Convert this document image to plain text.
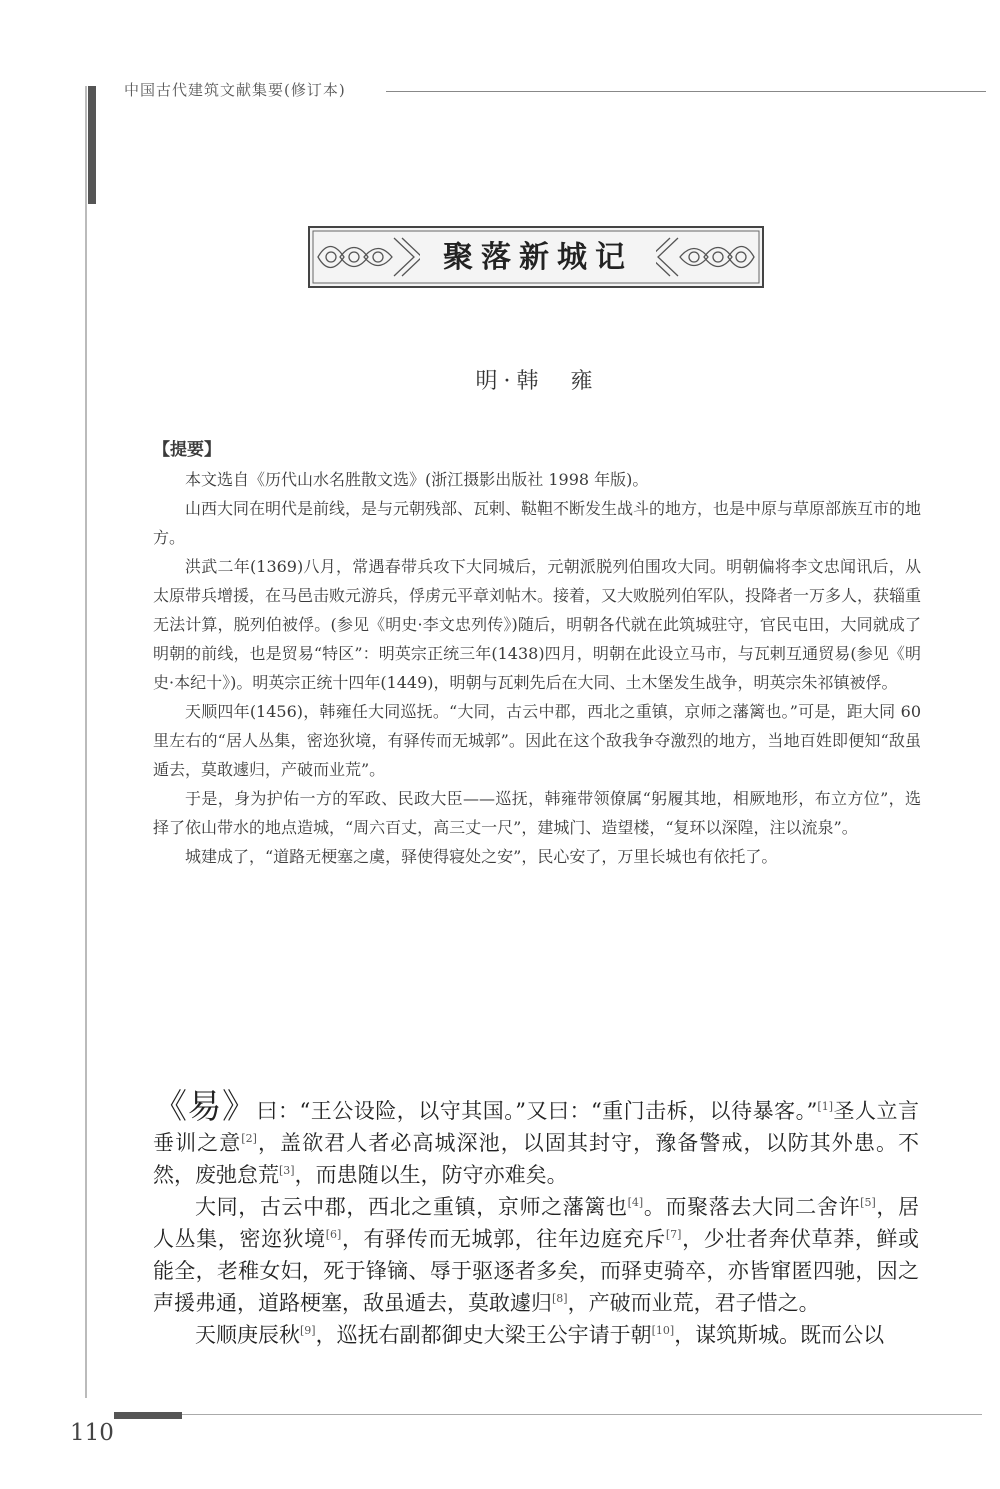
中国古代建筑文献集要(修订本)
聚落新城记
明·韩  雍
【提要】

本文选自《历代山水名胜散文选》(浙江摄影出版社 1998 年版)。

山西大同在明代是前线，是与元朝残部、瓦剌、鞑靼不断发生战斗的地方，也是中原与草原部族互市的地方。

洪武二年(1369)八月，常遇春带兵攻下大同城后，元朝派脱列伯围攻大同。明朝偏将李文忠闻讯后，从太原带兵增援，在马邑击败元游兵，俘虏元平章刘帖木。接着，又大败脱列伯军队，投降者一万多人，获辎重无法计算，脱列伯被俘。(参见《明史·李文忠列传》)随后，明朝各代就在此筑城驻守，官民屯田，大同就成了明朝的前线，也是贸易“特区”：明英宗正统三年(1438)四月，明朝在此设立马市，与瓦剌互通贸易(参见《明史·本纪十》)。明英宗正统十四年(1449)，明朝与瓦剌先后在大同、土木堡发生战争，明英宗朱祁镇被俘。

天顺四年(1456)，韩雍任大同巡抚。“大同，古云中郡，西北之重镇，京师之藩篱也。”可是，距大同 60 里左右的“居人丛集，密迩狄境，有驿传而无城郭”。因此在这个敌我争夺激烈的地方，当地百姓即便知“敌虽遁去，莫敢遽归，产破而业荒”。

于是，身为护佑一方的军政、民政大臣——巡抚，韩雍带领僚属“躬履其地，相厥地形，布立方位”，选择了依山带水的地点造城，“周六百丈，高三丈一尺”，建城门、造望楼，“复环以深隍，注以流泉”。

城建成了，“道路无梗塞之虞，驿使得寝处之安”，民心安了，万里长城也有依托了。

《易》曰：“王公设险，以守其国。”又曰：“重门击柝，以待暴客。”[1]圣人立言垂训之意[2]，盖欲君人者必高城深池，以固其封守，豫备警戒，以防其外患。不然，废弛怠荒[3]，而患随以生，防守亦难矣。

大同，古云中郡，西北之重镇，京师之藩篱也[4]。而聚落去大同二舍许[5]，居人丛集，密迩狄境[6]，有驿传而无城郭，往年边庭充斥[7]，少壮者奔伏草莽，鲜或能全，老稚女妇，死于锋镝、辱于驱逐者多矣，而驿吏骑卒，亦皆窜匿四驰，因之声援弗通，道路梗塞，敌虽遁去，莫敢遽归[8]，产破而业荒，君子惜之。

天顺庚辰秋[9]，巡抚右副都御史大梁王公宇请于朝[10]，谋筑斯城。既而公以

110
